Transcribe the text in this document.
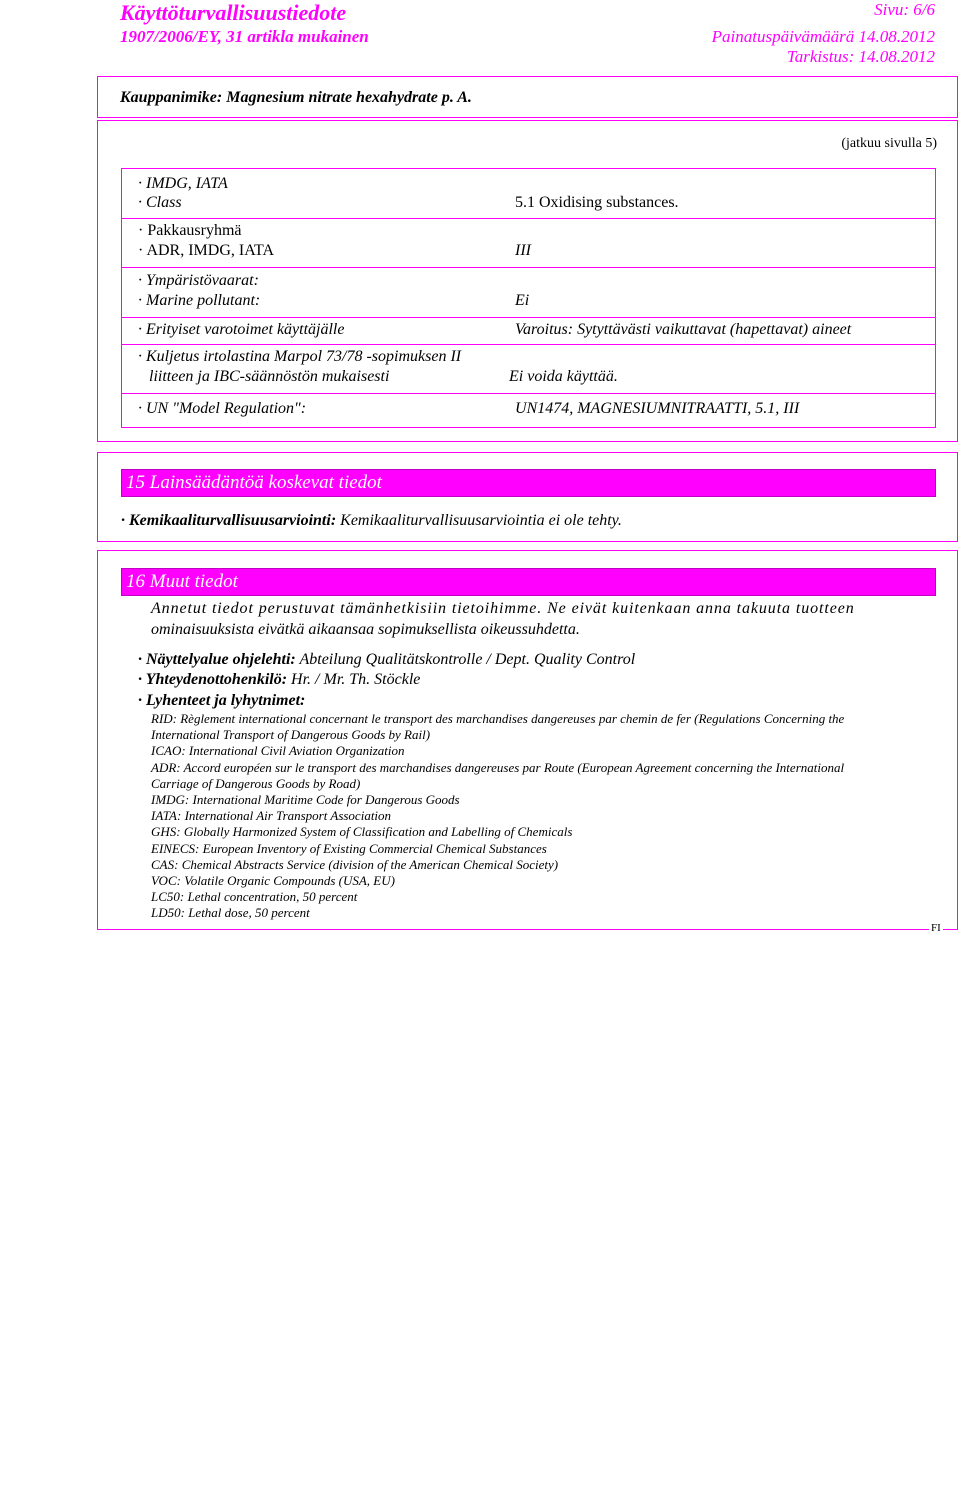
Käyttöturvallisuustiedote	Sivu: 6/6
1907/2006/EY, 31 artikla mukainen	Painatuspäivämäärä 14.08.2012
Tarkistus: 14.08.2012
Kauppanimike: Magnesium nitrate hexahydrate p. A.
(jatkuu sivulla 5)
· IMDG, IATA
· Class	5.1 Oxidising substances.
· Pakkausryhmä
· ADR, IMDG, IATA	III
· Ympäristövaarat:
· Marine pollutant:	Ei
· Erityiset varotoimet käyttäjälle	Varoitus: Sytyttävästi vaikuttavat (hapettavat) aineet
· Kuljetus irtolastina Marpol 73/78 -sopimuksen II
liitteen ja IBC-säännöstön mukaisesti	Ei voida käyttää.
· UN "Model Regulation":	UN1474, MAGNESIUMNITRAATTI, 5.1, III
15 Lainsäädäntöä koskevat tiedot
· Kemikaaliturvallisuusarviointi: Kemikaaliturvallisuusarviointia ei ole tehty.
16 Muut tiedot
Annetut tiedot perustuvat tämänhetkisiin tietoihimme. Ne eivät kuitenkaan anna takuuta tuotteen
ominaisuuksista eivätkä aikaansaa sopimuksellista oikeussuhdetta.
· Näyttelyalue ohjelehti: Abteilung Qualitätskontrolle / Dept. Quality Control
· Yhteydenottohenkilö: Hr. / Mr. Th. Stöckle
· Lyhenteet ja lyhytnimet:
RID: Règlement international concernant le transport des marchandises dangereuses par chemin de fer (Regulations Concerning the
International Transport of Dangerous Goods by Rail)
ICAO: International Civil Aviation Organization
ADR: Accord européen sur le transport des marchandises dangereuses par Route (European Agreement concerning the International
Carriage of Dangerous Goods by Road)
IMDG: International Maritime Code for Dangerous Goods
IATA: International Air Transport Association
GHS: Globally Harmonized System of Classification and Labelling of Chemicals
EINECS: European Inventory of Existing Commercial Chemical Substances
CAS: Chemical Abstracts Service (division of the American Chemical Society)
VOC: Volatile Organic Compounds (USA, EU)
LC50: Lethal concentration, 50 percent
LD50: Lethal dose, 50 percent
FI
